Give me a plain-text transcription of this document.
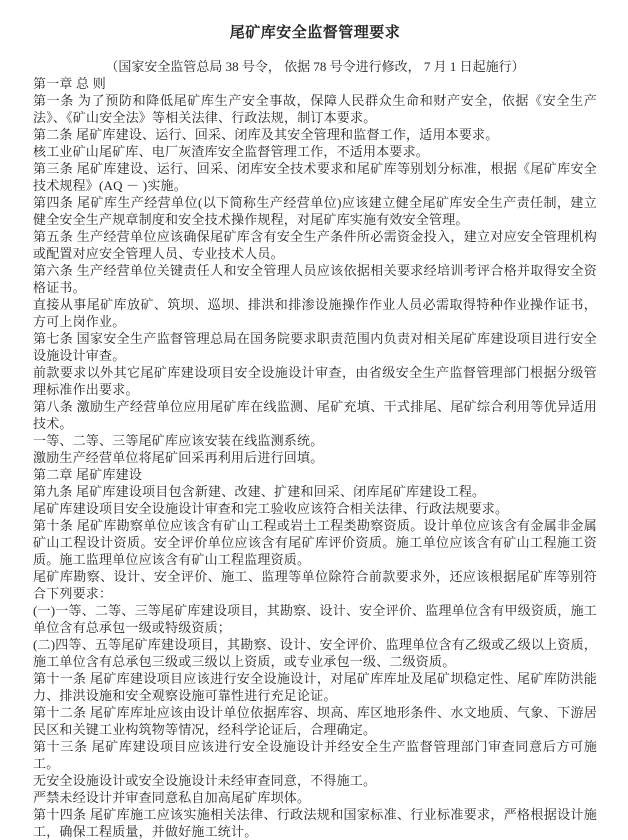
尾矿库安全监督管理要求

（国家安全监管总局 38 号令， 依据 78 号令进行修改， 7 月 1 日起施行）

第一章 总 则

第一条 为了预防和降低尾矿库生产安全事故，保障人民群众生命和财产安全，依据《安全生产法》、《矿山安全法》等相关法律、行政法规，制订本要求。

第二条 尾矿库建设、运行、回采、闭库及其安全管理和监督工作，适用本要求。

核工业矿山尾矿库、电厂灰渣库安全监督管理工作，不适用本要求。

第三条 尾矿库建设、运行、回采、闭库安全技术要求和尾矿库等别划分标准，根据《尾矿库安全技术规程》(AQ － )实施。

第四条 尾矿库生产经营单位(以下简称生产经营单位)应该建立健全尾矿库安全生产责任制，建立健全安全生产规章制度和安全技术操作规程，对尾矿库实施有效安全管理。

第五条 生产经营单位应该确保尾矿库含有安全生产条件所必需资金投入，建立对应安全管理机构或配置对应安全管理人员、专业技术人员。

第六条 生产经营单位关键责任人和安全管理人员应该依据相关要求经培训考评合格并取得安全资格证书。

直接从事尾矿库放矿、筑坝、巡坝、排洪和排渗设施操作作业人员必需取得特种作业操作证书，方可上岗作业。

第七条 国家安全生产监督管理总局在国务院要求职责范围内负责对相关尾矿库建设项目进行安全设施设计审查。

前款要求以外其它尾矿库建设项目安全设施设计审查，由省级安全生产监督管理部门根据分级管理标准作出要求。

第八条 激励生产经营单位应用尾矿库在线监测、尾矿充填、干式排尾、尾矿综合利用等优异适用技术。

一等、二等、三等尾矿库应该安装在线监测系统。

激励生产经营单位将尾矿回采再利用后进行回填。

第二章 尾矿库建设

第九条 尾矿库建设项目包含新建、改建、扩建和回采、闭库尾矿库建设工程。

尾矿库建设项目安全设施设计审查和完工验收应该符合相关法律、行政法规要求。

第十条 尾矿库勘察单位应该含有矿山工程或岩土工程类勘察资质。设计单位应该含有金属非金属矿山工程设计资质。安全评价单位应该含有尾矿库评价资质。施工单位应该含有矿山工程施工资质。施工监理单位应该含有矿山工程监理资质。

尾矿库勘察、设计、安全评价、施工、监理等单位除符合前款要求外，还应该根据尾矿库等别符合下列要求：

(一)一等、二等、三等尾矿库建设项目，其勘察、设计、安全评价、监理单位含有甲级资质，施工单位含有总承包一级或特级资质；

(二)四等、五等尾矿库建设项目，其勘察、设计、安全评价、监理单位含有乙级或乙级以上资质，施工单位含有总承包三级或三级以上资质，或专业承包一级、二级资质。

第十一条 尾矿库建设项目应该进行安全设施设计，对尾矿库库址及尾矿坝稳定性、尾矿库防洪能力、排洪设施和安全观察设施可靠性进行充足论证。

第十二条 尾矿库库址应该由设计单位依据库容、坝高、库区地形条件、水文地质、气象、下游居民区和关键工业构筑物等情况，经科学论证后，合理确定。

第十三条 尾矿库建设项目应该进行安全设施设计并经安全生产监督管理部门审查同意后方可施工。

无安全设施设计或安全设施设计未经审查同意，不得施工。

严禁未经设计并审查同意私自加高尾矿库坝体。

第十四条 尾矿库施工应该实施相关法律、行政法规和国家标准、行业标准要求，严格根据设计施工，确保工程质量，并做好施工统计。
